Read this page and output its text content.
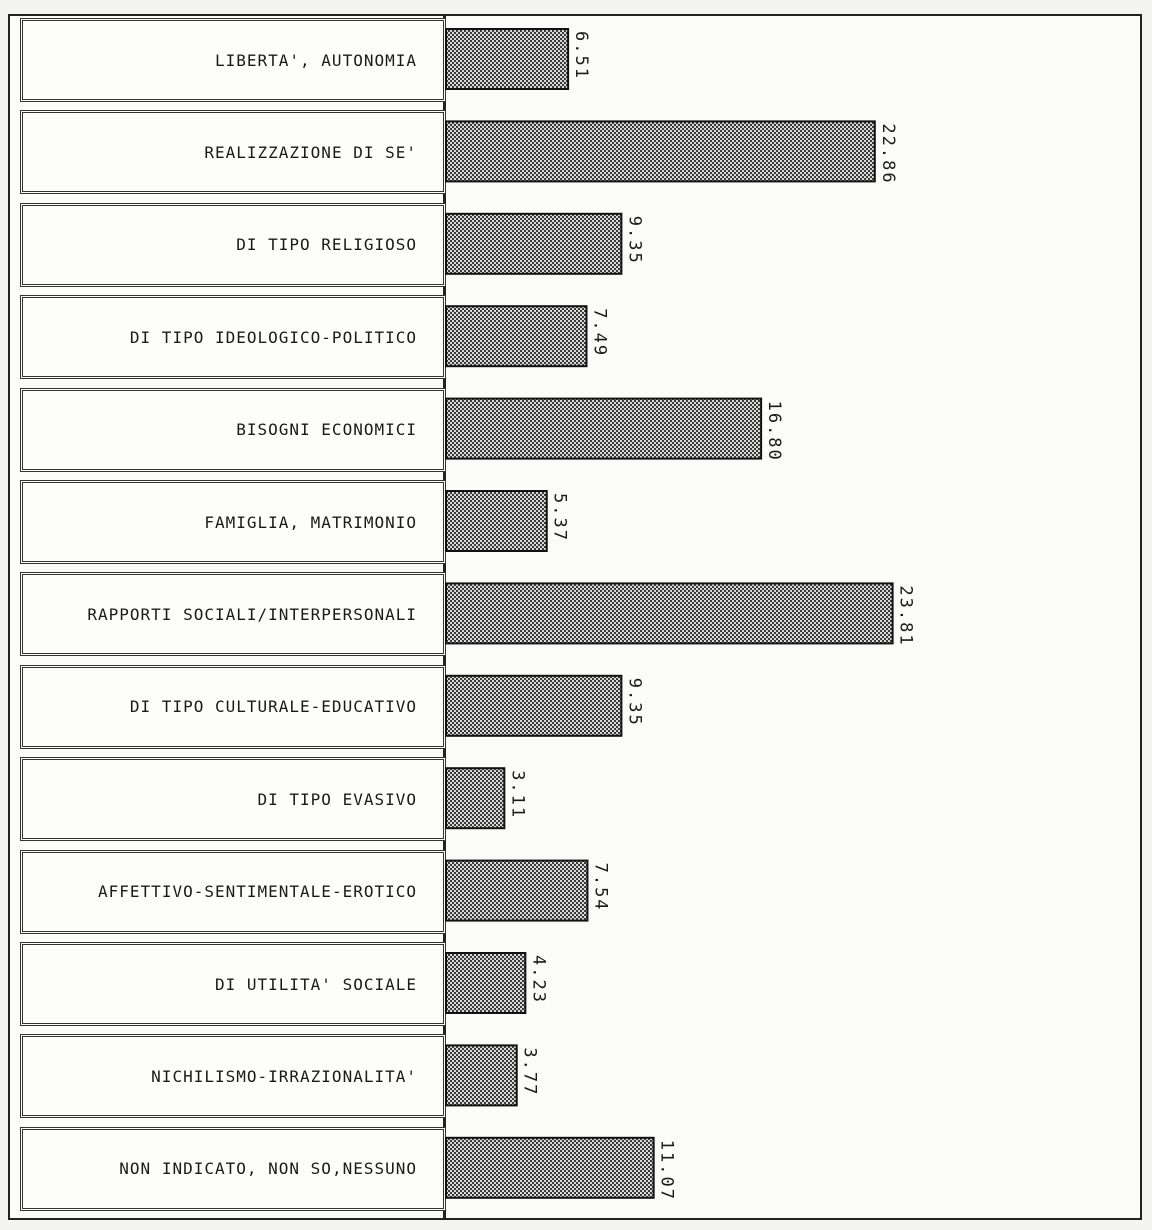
LIBERTA', AUTONOMIA
REALIZZAZIONE DI SE'
DI TIPO RELIGIOSO
DI TIPO IDEOLOGICO-POLITICO
BISOGNI ECONOMICI
FAMIGLIA, MATRIMONIO
RAPPORTI SOCIALI/INTERPERSONALI
DI TIPO CULTURALE-EDUCATIVO
DI TIPO EVASIVO
AFFETTIVO-SENTIMENTALE-EROTICO
DI UTILITA' SOCIALE
NICHILISMO-IRRAZIONALITA'
NON INDICATO, NON SO,NESSUNO
6.51
22.86
9.35
7.49
16.80
5.37
23.81
9.35
3.11
7.54
4.23
3.77
11.07
